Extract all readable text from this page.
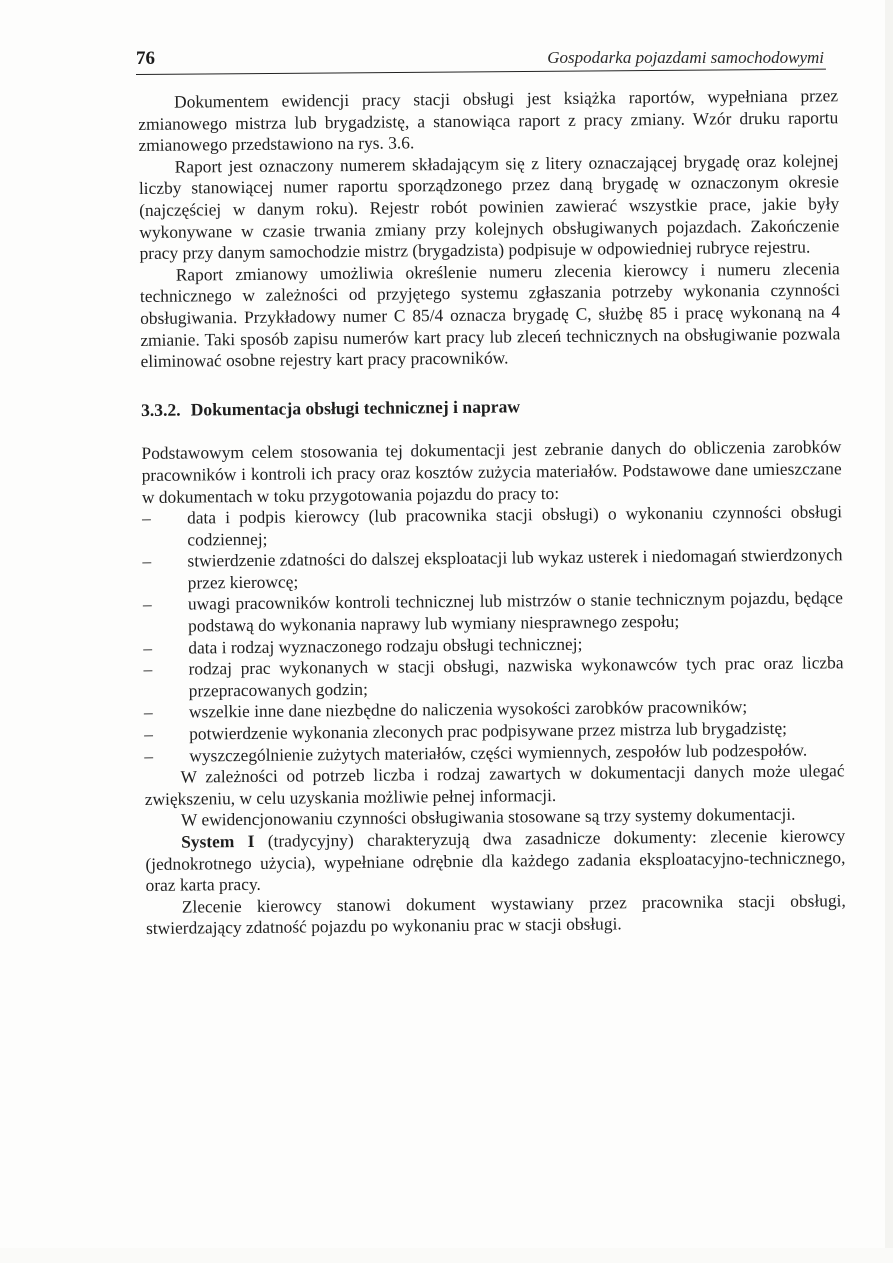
76	Gospodarka pojazdami samochodowymi

Dokumentem ewidencji pracy stacji obsługi jest książka raportów, wypełniana przez zmianowego mistrza lub brygadzistę, a stanowiąca raport z pracy zmiany. Wzór druku raportu zmianowego przedstawiono na rys. 3.6.

Raport jest oznaczony numerem składającym się z litery oznaczającej brygadę oraz kolejnej liczby stanowiącej numer raportu sporządzonego przez daną brygadę w oznaczonym okresie (najczęściej w danym roku). Rejestr robót powinien zawierać wszystkie prace, jakie były wykonywane w czasie trwania zmiany przy kolejnych obsługiwanych pojazdach. Zakończenie pracy przy danym samochodzie mistrz (brygadzista) podpisuje w odpowiedniej rubryce rejestru.

Raport zmianowy umożliwia określenie numeru zlecenia kierowcy i numeru zlecenia technicznego w zależności od przyjętego systemu zgłaszania potrzeby wykonania czynności obsługiwania. Przykładowy numer C 85/4 oznacza brygadę C, służbę 85 i pracę wykonaną na 4 zmianie. Taki sposób zapisu numerów kart pracy lub zleceń technicznych na obsługiwanie pozwala eliminować osobne rejestry kart pracy pracowników.

3.3.2. Dokumentacja obsługi technicznej i napraw

Podstawowym celem stosowania tej dokumentacji jest zebranie danych do obliczenia zarobków pracowników i kontroli ich pracy oraz kosztów zużycia materiałów. Podstawowe dane umieszczane w dokumentach w toku przygotowania pojazdu do pracy to:

– data i podpis kierowcy (lub pracownika stacji obsługi) o wykonaniu czynności obsługi codziennej;
– stwierdzenie zdatności do dalszej eksploatacji lub wykaz usterek i niedomagań stwierdzonych przez kierowcę;
– uwagi pracowników kontroli technicznej lub mistrzów o stanie technicznym pojazdu, będące podstawą do wykonania naprawy lub wymiany niesprawnego zespołu;
– data i rodzaj wyznaczonego rodzaju obsługi technicznej;
– rodzaj prac wykonanych w stacji obsługi, nazwiska wykonawców tych prac oraz liczba przepracowanych godzin;
– wszelkie inne dane niezbędne do naliczenia wysokości zarobków pracowników;
– potwierdzenie wykonania zleconych prac podpisywane przez mistrza lub brygadzistę;
– wyszczególnienie zużytych materiałów, części wymiennych, zespołów lub podzespołów.

W zależności od potrzeb liczba i rodzaj zawartych w dokumentacji danych może ulegać zwiększeniu, w celu uzyskania możliwie pełnej informacji.

W ewidencjonowaniu czynności obsługiwania stosowane są trzy systemy dokumentacji.

System I (tradycyjny) charakteryzują dwa zasadnicze dokumenty: zlecenie kierowcy (jednokrotnego użycia), wypełniane odrębnie dla każdego zadania eksploatacyjno-technicznego, oraz karta pracy.

Zlecenie kierowcy stanowi dokument wystawiany przez pracownika stacji obsługi, stwierdzający zdatność pojazdu po wykonaniu prac w stacji obsługi.
